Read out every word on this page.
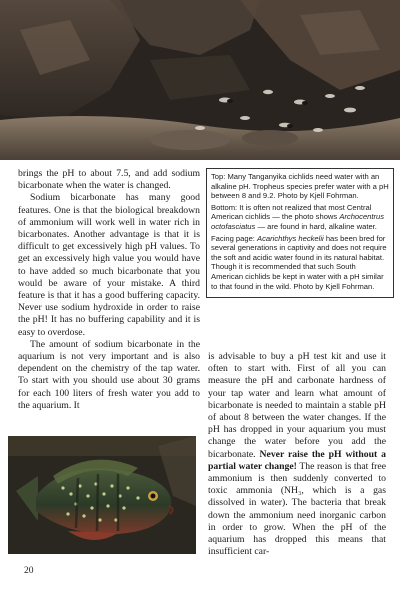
Top: Many Tanganyika cichlids need water with an alkaline pH. Tropheus species prefer water with a pH between 8 and 9.2. Photo by Kjell Fohrman.

Bottom: It is often not realized that most Central American cichlids — the photo shows Archocentrus octofasciatus — are found in hard, alkaline water.

Facing page: Acarichthys heckelii has been bred for several generations in captivity and does not require the soft and acidic water found in its natural habitat. Though it is recommended that such South American cichlids be kept in water with a pH similar to that found in the wild. Photo by Kjell Fohrman.

brings the pH to about 7.5, and add sodium bicarbonate when the water is changed.

Sodium bicarbonate has many good features. One is that the biological breakdown of ammonium will work well in water rich in bicarbonates. Another advantage is that it is difficult to get excessively high pH values. To get an excessively high value you would have to have added so much bicarbonate that you would be aware of your mistake. A third feature is that it has a good buffering capacity. Never use sodium hydroxide in order to raise the pH! It has no buffering capability and it is easy to overdose.

The amount of sodium bicarbonate in the aquarium is not very important and is also dependent on the chemistry of the tap water. To start with you should use about 30 grams for each 100 liters of fresh water you add to the aquarium. It

is advisable to buy a pH test kit and use it often to start with. First of all you can measure the pH and carbonate hardness of your tap water and learn what amount of bicarbonate is needed to maintain a stable pH of about 8 between the water changes. If the pH has dropped in your aquarium you must change the water before you add the bicarbonate. Never raise the pH without a partial water change! The reason is that free ammonium is then suddenly converted to toxic ammonia (NH₃, which is a gas dissolved in water). The bacteria that break down the ammonium need inorganic carbon in order to grow. When the pH of the aquarium has dropped this means that insufficient car-

20
